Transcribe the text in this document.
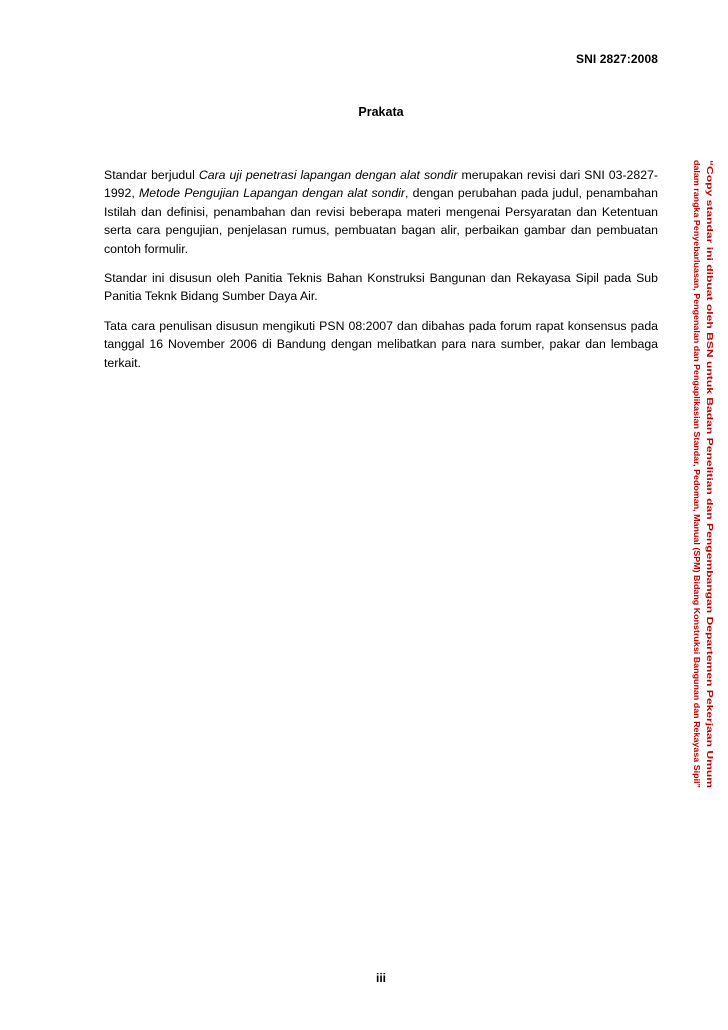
SNI 2827:2008
Prakata

Standar berjudul Cara uji penetrasi lapangan dengan alat sondir merupakan revisi dari SNI 03-2827-1992, Metode Pengujian Lapangan dengan alat sondir, dengan perubahan pada judul, penambahan Istilah dan definisi, penambahan dan revisi beberapa materi mengenai Persyaratan dan Ketentuan serta cara pengujian, penjelasan rumus, pembuatan bagan alir, perbaikan gambar dan pembuatan contoh formulir.

Standar ini disusun oleh Panitia Teknis Bahan Konstruksi Bangunan dan Rekayasa Sipil pada Sub Panitia Teknk Bidang Sumber Daya Air.

Tata cara penulisan disusun mengikuti PSN 08:2007 dan dibahas pada forum rapat konsensus pada tanggal 16 November 2006 di Bandung dengan melibatkan para nara sumber, pakar dan lembaga terkait.	“Copy standar ini dibuat oleh BSN untuk Badan Penelitian dan Pengembangan Departemen Pekerjaan Umum
dalam rangka Penyebarluasan, Pengenalan dan Pengaplikasian Standar, Pedoman, Manual (SPM) Bidang Konstruksi Bangunan dan Rekayasa Sipil”
iii
